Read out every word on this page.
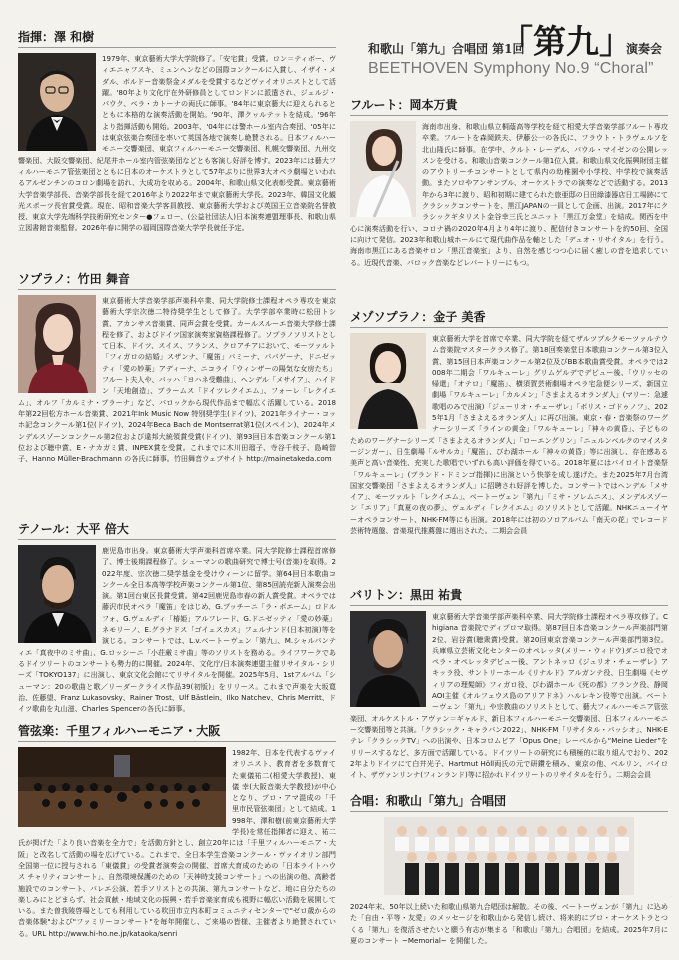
和歌山「第九」合唱団 第1回
「第九」
演奏会
BEETHOVEN Symphony No.9 “Choral”
指揮：澤 和樹

1979年、東京藝術大学大学院修了。「安宅賞」受賞。ロン＝ティボー、ヴィエニャフスキ、ミュンヘンなどの国際コンクールに入賞し、イザイ・メダル、ボルドー音楽祭金メダルを受賞するなどヴァイオリニストとして活躍。'80年より文化庁在外研修員としてロンドンに派遣され、ジェルジ・パウク、ベラ・カトーナの両氏に師事。'84年に東京藝大に迎えられるとともに本格的な演奏活動を開始。'90年、澤クヮルテットを結成。'96年より指揮活動も開始。2003年、'04年には警ホール室内合奏団、'05年には東京弦楽合奏団を率いて英国各地で演奏し絶賛される。日本フィルハーモニー交響楽団、東京フィルハーモニー交響楽団、札幌交響楽団、九州交響楽団、大阪交響楽団、紀尾井ホール室内管弦楽団などとも客演し好評を博す。2023年には藝大フィルハーモニア管弦楽団とともに日本のオーケストラとして57年ぶりに世界3大オペラ劇場といわれるアルゼンチンのコロン劇場を訪れ、大成功を収める。2004年、和歌山県文化表彰受賞。東京藝術大学音楽学部長、音楽学部長を経て2016年より2022年まで東京藝術大学長。2023年、韓国文化観光スポーツ長官賞受賞。現在、昭和音楽大学客員教授、東京藝術大学および英国王立音楽院名誉教授、東京大学先端科学技術研究センター●フェロー、(公益社団法人)日本演奏連盟理事長、和歌山県立図書館音楽監督。2026年春に開学の福岡国際音楽大学学長就任予定。

ソプラノ：竹田 舞音

東京藝術大学音楽学部声楽科卒業、同大学院修士課程オペラ専攻を東京藝術大学宗次徳二特待奨学生として修了。大学学部卒業時に松田トシ賞、アカンサス音楽賞、同声会賞を受賞。カールスルーエ音楽大学修士課程を修了、およびドイツ国家演奏家資格課程修了。ソプラノソリストとして日本、ドイツ、スイス、フランス、クロアチアにおいて、モーツァルト「フィガロの結婚」スザンナ、「魔笛」パミーナ、パパゲーナ、ドニゼッティ「愛の妙薬」アディーナ、ニコライ「ウィンザーの陽気な女房たち」フルート夫人や、バッハ「ヨハネ受難曲」、ヘンデル「メサイア」、ハイドン「天地創造」、ブラームス「ドイツレクイエム」、フォーレ「レクイエム」、オルフ「カルミナ・ブラーナ」など、バロックから現代作品まで幅広く活躍している。2018年第22回松方ホール音楽賞、2021年Ink Music Now 特別奨学生(ドイツ)、2021年ライナー・コッホ記念コンクール第1位(ドイツ)、2024年Beca Bach de Montserrat第1位(スペイン)、2024年メンデルスゾーンコンクール第2位および違邦大統領賞受賞(ドイツ)、第93回日本音楽コンクール第1位および聴中賞、E・ナカガミ賞、INPEX賞を受賞。これまでに木川田瑠子、寺谷千枝子、島崎智子、Hanno Müller-Brachmann の各氏に師事。竹田舞音ウェブサイト http://mainetakeda.com

テノール：大平 倍大

鹿児島市出身。東京藝術大学声楽科首席卒業。同大学院修士課程首席修了、博士後期課程修了。シューマンの歌曲研究で博士号(音楽)を取得。2022年度、宗次徳二奨学基金を受けウィーンに留学。第64回日本歌曲コンクール全日本高等学校声楽コンクール第1位、第85回読売新人演奏会出演。第1回台東区長賞受賞。第42回鹿児島市春の新人賞受賞。オペラでは藤沢市民オペラ「魔笛」をはじめ、G.プッチーニ「ラ・ボエーム」ロドルフォ、G.ヴェルディ「椿姫」アルフレード、G.ドニゼッティ「愛の妙薬」ネモリーノ、E.グラナドス「ゴイェスカス」フェルナンド(日本初演)等を演じる。コンサートでは、L.v.ベートーヴェン「第九」、M.シャルパンティエ「真夜中のミサ曲」、G.ロッシーニ「小荘厳ミサ曲」等のソリストを務める。ライフワークであるドイツリートのコンサートも勢力的に開催。2024年、文化庁/日本演奏連盟主催リサイタル・シリーズ「TOKYO137」に出演し、東京文化会館にてリサイタルを開催。2025年5月、1stアルバム「シューマン：20の歌曲と歌／リーダークライス作品39(初版)」をリリース。これまで声楽を大坂寛治、佐藤望、Franz Lukasovsky、Rainer Trost、Ulf Bästlein、Ilko Natchev、Chris Merritt、ドイツ歌曲を丸山滋、Charles Spencerの各氏に師事。

管弦楽：千里フィルハーモニア・大阪

1982年、日本を代表するヴァイオリニスト、教育者を多数育てた東儀祐二(相愛大学教授)、東儀 幸(大阪音楽大学教授)が中心となり、プロ・アマ混成の「千里市民管弦楽団」として結成。1998年、澤和樹(前東京藝術大学学長)を常任指揮者に迎え、祐二氏が掲げた「より良い音楽を全力で」を活動方針とし、創立20年には「千里フィルハーモニア・大阪」と改名して活動の場を広げている。これまで、全日本学生音楽コンクール・ヴァイオリン部門全国第一位に授与される「東儀賞」の受賞者演奏会の開催、首席犬育成のための「日本ライトハウス チャリティコンサート」、自然環境保護のための「天神時支援コンサート」への出演の他、高齢者施設でのコンサート、バレエ公演、若手ソリストとの共演、第九コンサートなど、地に自分たちの楽しみにとどまらず、社会貢献・地域文化の振興・若手音楽家育成も視野に幅広い活動を展開している。また曽我陵啓場としても利用している吹田市立内本町コミュニティセンターで"ゼロ歳からの音楽体験"および"ファミリーコンサート"を毎年開催し、ご来場の皆様、主催者より絶賛されている。URL http://www.hi-ho.ne.jp/kataoka/senri

フルート：岡本万貴

海南市出身、和歌山県立桐蔭高等学校を経て相愛大学音楽学部フルート専攻卒業。フルートを森岡鉄夫、伊藤公一の各氏に、フラウト・トラヴェルソを北山隆氏に師事。在学中、クルト・レーデル、パウル・マイゼンの公開レッスンを受ける。和歌山音楽コンクール第1位入賞。和歌山県文化振興財団主催のアウトリーチコンサートとして県内の幼稚園や小学校、中学校で演奏活動。またソロやアンサンブル、オーケストラでの演奏などで活動する。2013年から3年に渡り、昭和初期に建てられた旅亜邸の日田綠漆器店日工場跡にてクラシックコンサートを、黒江JAPANの一員として企画、出演。2017年にクラシックギタリスト金谷幸三氏とユニット「黒江万金堂」を結成。関西を中心に演奏活動を行い、コロナ禍の2020年4月より4年に渡り、配信付きコンサートを約50回、全国に向けて発信。2023年和歌山城ホールにて現代曲作品を軸とした「デュオ・リサイタル」を行う。海南市黒江にある音楽サロン「黒江音楽室」より、自然を感じつつ心に届く癒しの音を追求している。近現代音楽、バロック音楽などレパートリーにもつ。

メゾソプラノ：金子 美香

東京藝術大学を首席で卒業、同大学院を経てザルツブルクモーツァルテウム音楽院マスタークラス修了。第18回奏楽堂日本歌曲コンクール第3位入賞、第15回日本声楽コンクール第2位及びBB本歌曲賞受賞。オペラでは2008年二期会「ワルキューレ」グリムゲルデでデビュー後、「ウリッセの帰還」「オテロ」「魔笛」、横須賀芸術劇場オペラ宅急便シリーズ、新国立劇場「ワルキューレ」「カルメン」「さまよえるオランダ人」(マリー：急遽歌唱のみで出演)「ジューリオ・チェーザレ」「ボリス・ゴドゥノフ」、2025年1月「さまよえるオランダ人」に再び出演。東京・春・音楽祭のワーグナーシリーズ「ラインの黄金」「ワルキューレ」「神々の黄昏」、子どものためのワーグナーシリーズ「さまよえるオランダ人」「ローエングリン」「ニュルンベルクのマイスタージンガー」、日生劇場「ルサルカ」「魔笛」、びわ湖ホール「神々の黄昏」等に出演し、存在感ある美声と高い音楽性、充実した歌唱でいずれも高い評価を得ている。2018年夏にはバイロイト音楽祭「ワルキューレ」(ブランド・ドミンゴ指揮)に出演という快挙を成し遂げた。また2025年7月台湾国家交響楽団「さまよえるオランダ人」に招聘され好評を博した。コンサートではヘンデル「メサイア」、モーツァルト「レクイエム」、ベートーヴェン「第九」「ミサ・ソレムニス」、メンデルスゾーン「エリア」「真夏の夜の夢」、ヴェルディ「レクイエム」のソリストとして活躍。NHKニューイヤーオペラコンサート、NHK-FM等にも出演。2018年には初のソロアルバム「南天の花」でレコード芸術特選盤、音楽現代推薦盤に選出された。二期会会員

バリトン：黒田 祐貴

東京藝術大学音楽学部声楽科卒業、同大学院修士課程オペラ専攻修了。Chigiana 音楽院でディプロマ取得。第87回日本音楽コンクール声楽部門第2位、岩谷賞(聴衆賞)受賞。第20回東京音楽コンクール声楽部門第3位。兵庫県立芸術文化センターのオペレッタ(メリー・ウィドウ)ダニロ役でオペラ・オペレッタデビュー後、アントネッロ《ジュリオ・チェーザレ》アキッラ役、サントリーホール《リナルド》アルガンテ役、日生劇場《セヴィリアの理髪師》フィガロ役、びわ湖ホール《死の都》フランク役、静岡AOI主催《オルフェウス島のアリアドネ》ハルレキン役等で出演。ベートーヴェン「第九」や宗教曲のソリストとして、藝大フィルハーモニア管弦楽団、オルケストル・アヴァン＝ギャルド、新日本フィルハーモニー交響楽団、日本フィルハーモニー交響楽団等と共演。「クラシック・キャラバン2022」、NHK-FM「リサイタル・パッシオ」、NHK-Eテレ「クラシックTV」への出演や、日本コロムビア「Opus One」レーベルから“Meine Lieder”をリリースするなど、多方面で活躍している。ドイツリートの研究にも積極的に取り組んでおり、2022年よりドイツにて白井光子、Hartmut Höll両氏の元で研鑽を積み、東京の他、ベルリン、バイロイト、ザヴァンリンナ(フィンランド)等に招かれドイツリートのリサイタルを行う。二期会会員

合唱：和歌山「第九」合唱団

2024年末、50年以上続いた和歌山県第九合唱団は解散。その後、ベートーヴェンが「第九」に込めた「自由・平等・友愛」のメッセージを和歌山から発信し続け、将来的にプロ・オーケストラとつくる「第九」を復活させたいと願う有志が集まる「和歌山「第九」合唱団」を結成。2025年7月に夏のコンサート ~Memorial~ を開催した。
